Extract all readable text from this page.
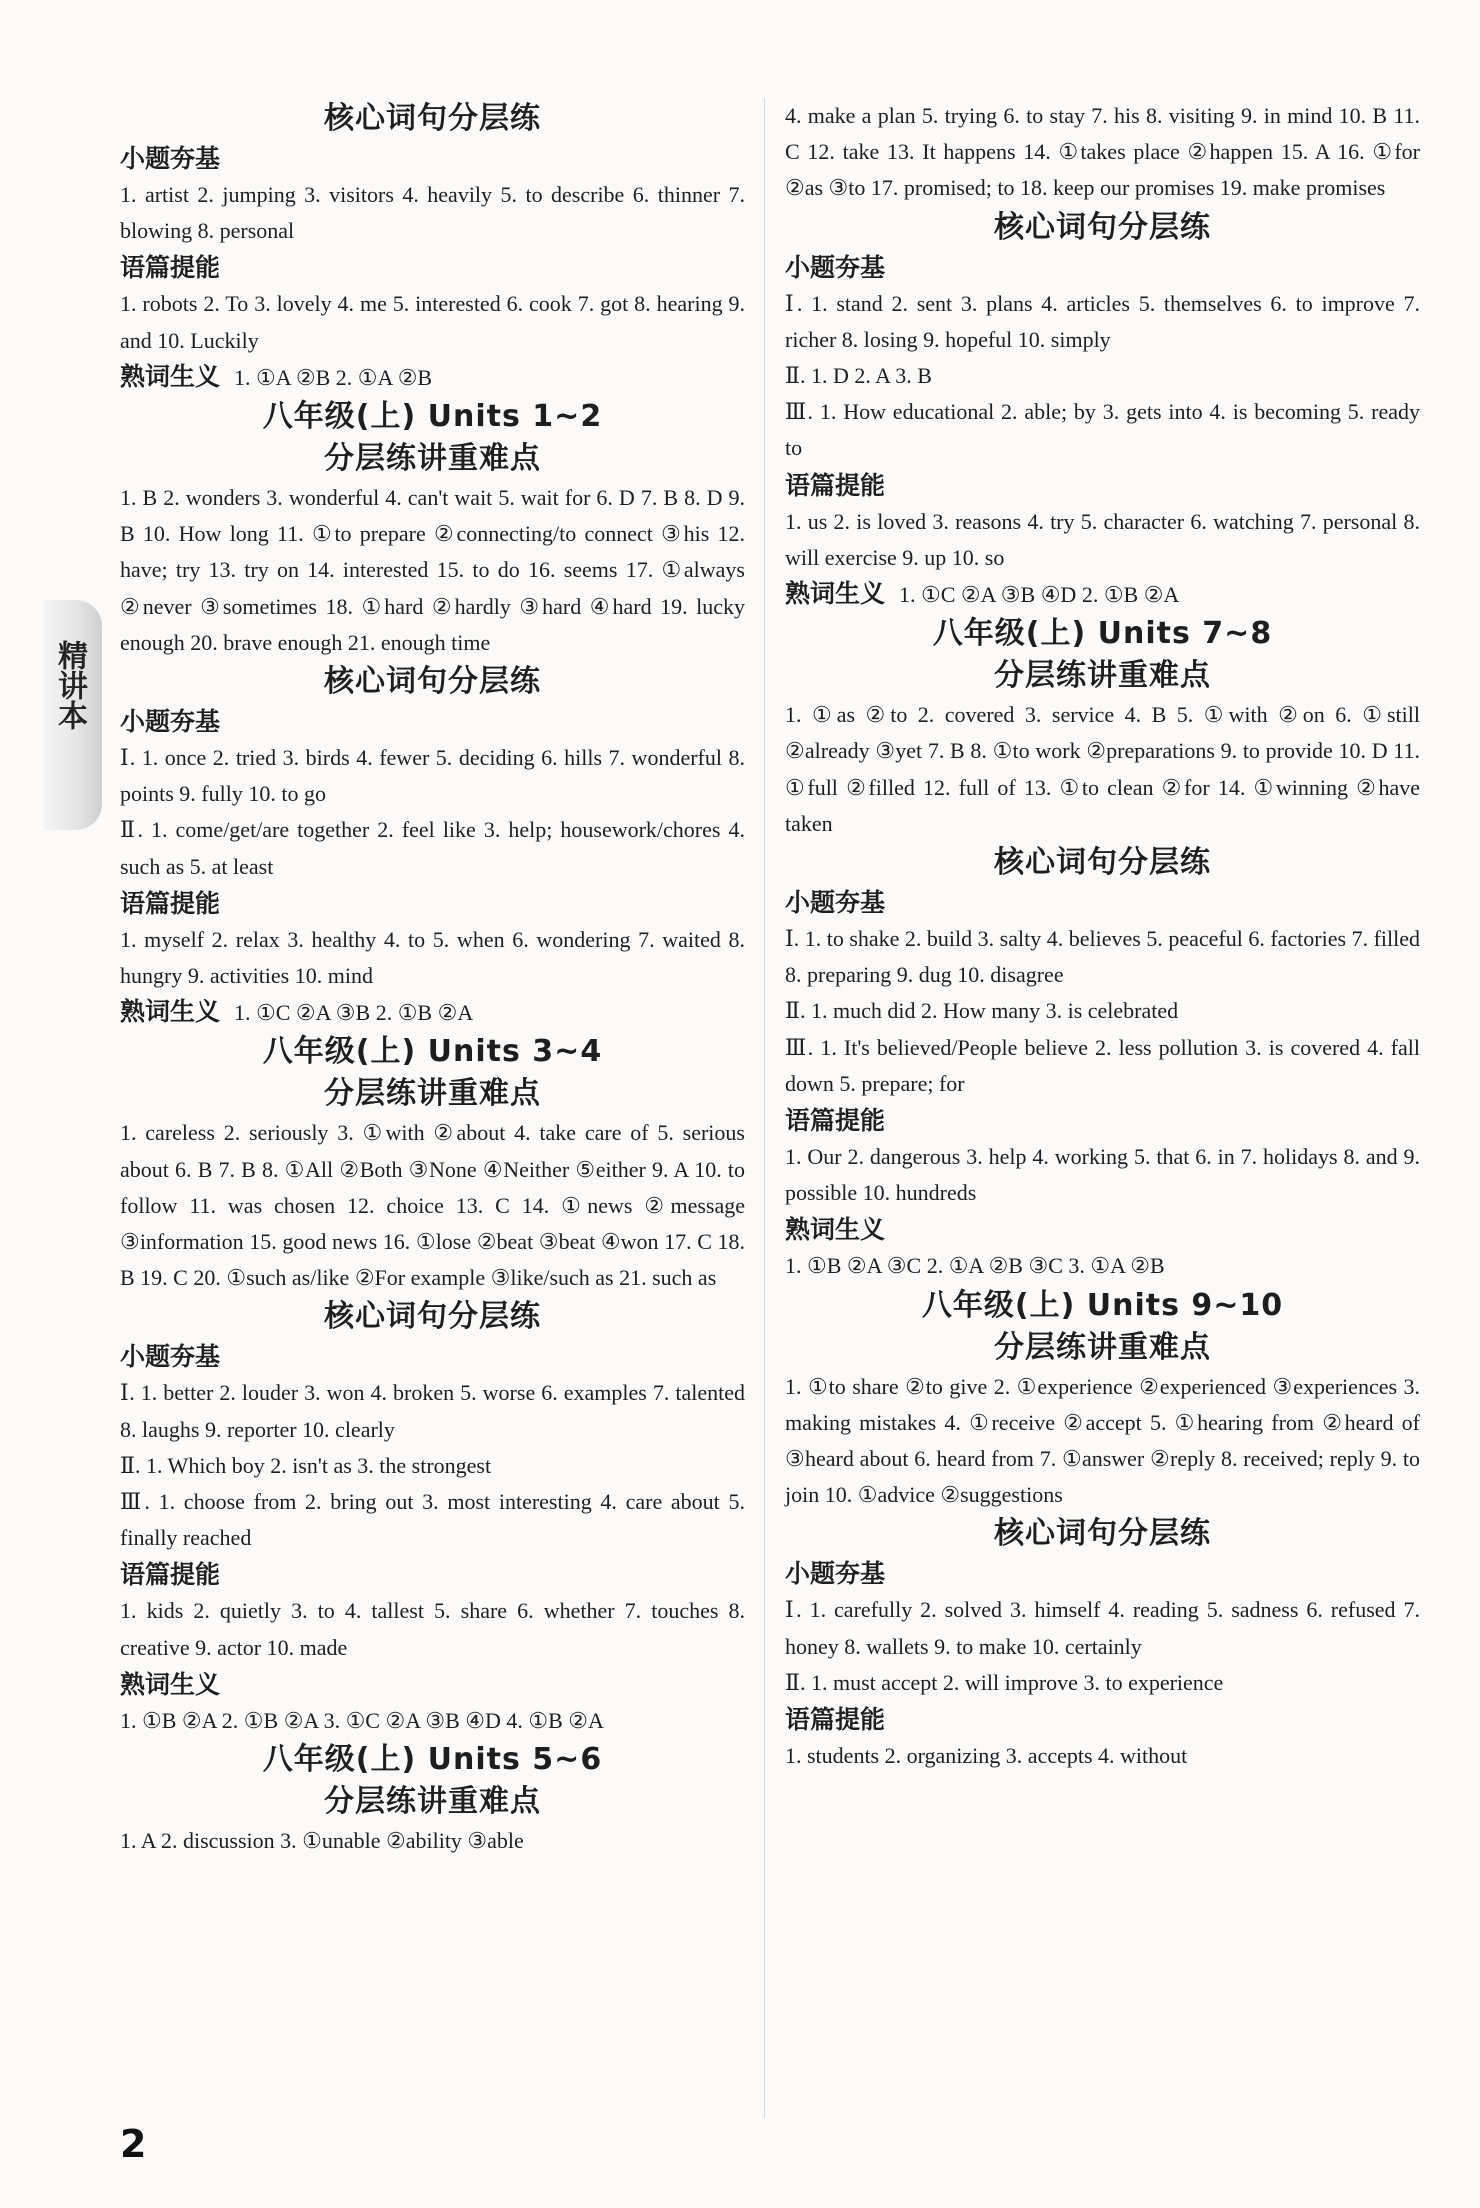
精讲本
核心词句分层练
小题夯基
1. artist 2. jumping 3. visitors 4. heavily 5. to describe 6. thinner 7. blowing 8. personal
语篇提能
1. robots 2. To 3. lovely 4. me 5. interested 6. cook 7. got 8. hearing 9. and 10. Luckily
熟词生义 1. ①A ②B 2. ①A ②B
八年级(上) Units 1~2
分层练讲重难点
1. B 2. wonders 3. wonderful 4. can't wait 5. wait for 6. D 7. B 8. D 9. B 10. How long 11. ①to prepare ②connecting/to connect ③his 12. have; try 13. try on 14. interested 15. to do 16. seems 17. ①always ②never ③sometimes 18. ①hard ②hardly ③hard ④hard 19. lucky enough 20. brave enough 21. enough time
核心词句分层练
小题夯基
Ⅰ. 1. once 2. tried 3. birds 4. fewer 5. deciding 6. hills 7. wonderful 8. points 9. fully 10. to go
Ⅱ. 1. come/get/are together 2. feel like 3. help; housework/chores 4. such as 5. at least
语篇提能
1. myself 2. relax 3. healthy 4. to 5. when 6. wondering 7. waited 8. hungry 9. activities 10. mind
熟词生义 1. ①C ②A ③B 2. ①B ②A
八年级(上) Units 3~4
分层练讲重难点
1. careless 2. seriously 3. ①with ②about 4. take care of 5. serious about 6. B 7. B 8. ①All ②Both ③None ④Neither ⑤either 9. A 10. to follow 11. was chosen 12. choice 13. C 14. ①news ②message ③information 15. good news 16. ①lose ②beat ③beat ④won 17. C 18. B 19. C 20. ①such as/like ②For example ③like/such as 21. such as
核心词句分层练
小题夯基
Ⅰ. 1. better 2. louder 3. won 4. broken 5. worse 6. examples 7. talented 8. laughs 9. reporter 10. clearly
Ⅱ. 1. Which boy 2. isn't as 3. the strongest
Ⅲ. 1. choose from 2. bring out 3. most interesting 4. care about 5. finally reached
语篇提能
1. kids 2. quietly 3. to 4. tallest 5. share 6. whether 7. touches 8. creative 9. actor 10. made
熟词生义
1. ①B ②A 2. ①B ②A 3. ①C ②A ③B ④D 4. ①B ②A
八年级(上) Units 5~6
分层练讲重难点
1. A 2. discussion 3. ①unable ②ability ③able
4. make a plan 5. trying 6. to stay 7. his 8. visiting 9. in mind 10. B 11. C 12. take 13. It happens 14. ①takes place ②happen 15. A 16. ①for ②as ③to 17. promised; to 18. keep our promises 19. make promises
核心词句分层练
小题夯基
Ⅰ. 1. stand 2. sent 3. plans 4. articles 5. themselves 6. to improve 7. richer 8. losing 9. hopeful 10. simply
Ⅱ. 1. D 2. A 3. B
Ⅲ. 1. How educational 2. able; by 3. gets into 4. is becoming 5. ready to
语篇提能
1. us 2. is loved 3. reasons 4. try 5. character 6. watching 7. personal 8. will exercise 9. up 10. so
熟词生义 1. ①C ②A ③B ④D 2. ①B ②A
八年级(上) Units 7~8
分层练讲重难点
1. ①as ②to 2. covered 3. service 4. B 5. ①with ②on 6. ①still ②already ③yet 7. B 8. ①to work ②preparations 9. to provide 10. D 11. ①full ②filled 12. full of 13. ①to clean ②for 14. ①winning ②have taken
核心词句分层练
小题夯基
Ⅰ. 1. to shake 2. build 3. salty 4. believes 5. peaceful 6. factories 7. filled 8. preparing 9. dug 10. disagree
Ⅱ. 1. much did 2. How many 3. is celebrated
Ⅲ. 1. It's believed/People believe 2. less pollution 3. is covered 4. fall down 5. prepare; for
语篇提能
1. Our 2. dangerous 3. help 4. working 5. that 6. in 7. holidays 8. and 9. possible 10. hundreds
熟词生义
1. ①B ②A ③C 2. ①A ②B ③C 3. ①A ②B
八年级(上) Units 9~10
分层练讲重难点
1. ①to share ②to give 2. ①experience ②experienced ③experiences 3. making mistakes 4. ①receive ②accept 5. ①hearing from ②heard of ③heard about 6. heard from 7. ①answer ②reply 8. received; reply 9. to join 10. ①advice ②suggestions
核心词句分层练
小题夯基
Ⅰ. 1. carefully 2. solved 3. himself 4. reading 5. sadness 6. refused 7. honey 8. wallets 9. to make 10. certainly
Ⅱ. 1. must accept 2. will improve 3. to experience
语篇提能
1. students 2. organizing 3. accepts 4. without
2
